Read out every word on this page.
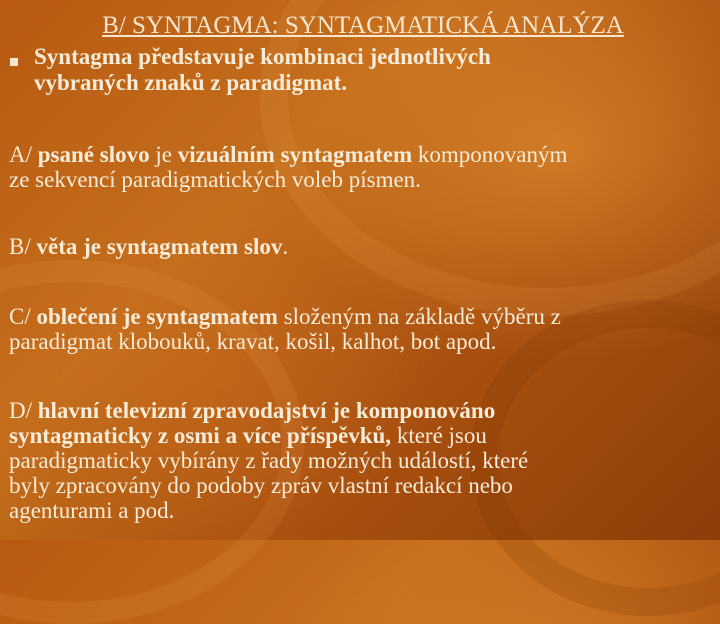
B/ SYNTAGMA: SYNTAGMATICKÁ ANALÝZA
Syntagma představuje kombinaci jednotlivých
vybraných znaků z paradigmat.
A/ psané slovo je vizuálním syntagmatem komponovaným
ze sekvencí paradigmatických voleb písmen.
B/ věta je syntagmatem slov.
C/ oblečení je syntagmatem složeným na základě výběru z
paradigmat klobouků, kravat, košil, kalhot, bot apod.
D/ hlavní televizní zpravodajství je komponováno
syntagmaticky z osmi a více příspěvků, které jsou
paradigmaticky vybírány z řady možných událostí, které
byly zpracovány do podoby zpráv vlastní redakcí nebo
agenturami a pod.
